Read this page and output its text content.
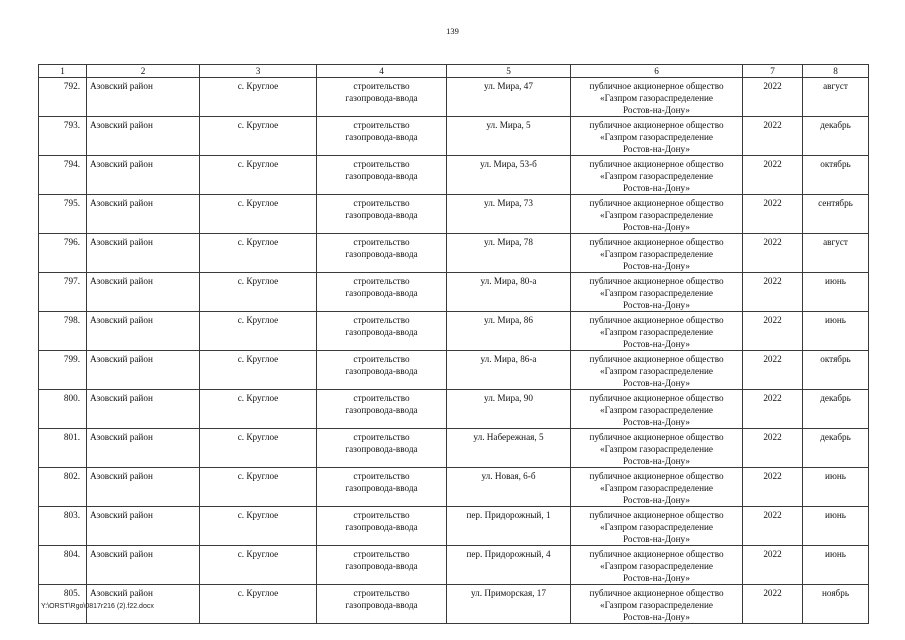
139
1	2	3	4	5	6	7	8
792.	Азовский район	с. Круглое	строительство
газопровода-ввода	ул. Мира, 47	публичное акционерное общество
«Газпром газораспределение
Ростов-на-Дону»	2022	август
793.	Азовский район	с. Круглое	строительство
газопровода-ввода	ул. Мира, 5	публичное акционерное общество
«Газпром газораспределение
Ростов-на-Дону»	2022	декабрь
794.	Азовский район	с. Круглое	строительство
газопровода-ввода	ул. Мира, 53-б	публичное акционерное общество
«Газпром газораспределение
Ростов-на-Дону»	2022	октябрь
795.	Азовский район	с. Круглое	строительство
газопровода-ввода	ул. Мира, 73	публичное акционерное общество
«Газпром газораспределение
Ростов-на-Дону»	2022	сентябрь
796.	Азовский район	с. Круглое	строительство
газопровода-ввода	ул. Мира, 78	публичное акционерное общество
«Газпром газораспределение
Ростов-на-Дону»	2022	август
797.	Азовский район	с. Круглое	строительство
газопровода-ввода	ул. Мира, 80-а	публичное акционерное общество
«Газпром газораспределение
Ростов-на-Дону»	2022	июнь
798.	Азовский район	с. Круглое	строительство
газопровода-ввода	ул. Мира, 86	публичное акционерное общество
«Газпром газораспределение
Ростов-на-Дону»	2022	июнь
799.	Азовский район	с. Круглое	строительство
газопровода-ввода	ул. Мира, 86-а	публичное акционерное общество
«Газпром газораспределение
Ростов-на-Дону»	2022	октябрь
800.	Азовский район	с. Круглое	строительство
газопровода-ввода	ул. Мира, 90	публичное акционерное общество
«Газпром газораспределение
Ростов-на-Дону»	2022	декабрь
801.	Азовский район	с. Круглое	строительство
газопровода-ввода	ул. Набережная, 5	публичное акционерное общество
«Газпром газораспределение
Ростов-на-Дону»	2022	декабрь
802.	Азовский район	с. Круглое	строительство
газопровода-ввода	ул. Новая, 6-б	публичное акционерное общество
«Газпром газораспределение
Ростов-на-Дону»	2022	июнь
803.	Азовский район	с. Круглое	строительство
газопровода-ввода	пер. Придорожный, 1	публичное акционерное общество
«Газпром газораспределение
Ростов-на-Дону»	2022	июнь
804.	Азовский район	с. Круглое	строительство
газопровода-ввода	пер. Придорожный, 4	публичное акционерное общество
«Газпром газораспределение
Ростов-на-Дону»	2022	июнь
805.	Азовский район	с. Круглое	строительство
газопровода-ввода	ул. Приморская, 17	публичное акционерное общество
«Газпром газораспределение
Ростов-на-Дону»	2022	ноябрь
Y:\ORST\Rgo\0817r216 (2).f22.docx
